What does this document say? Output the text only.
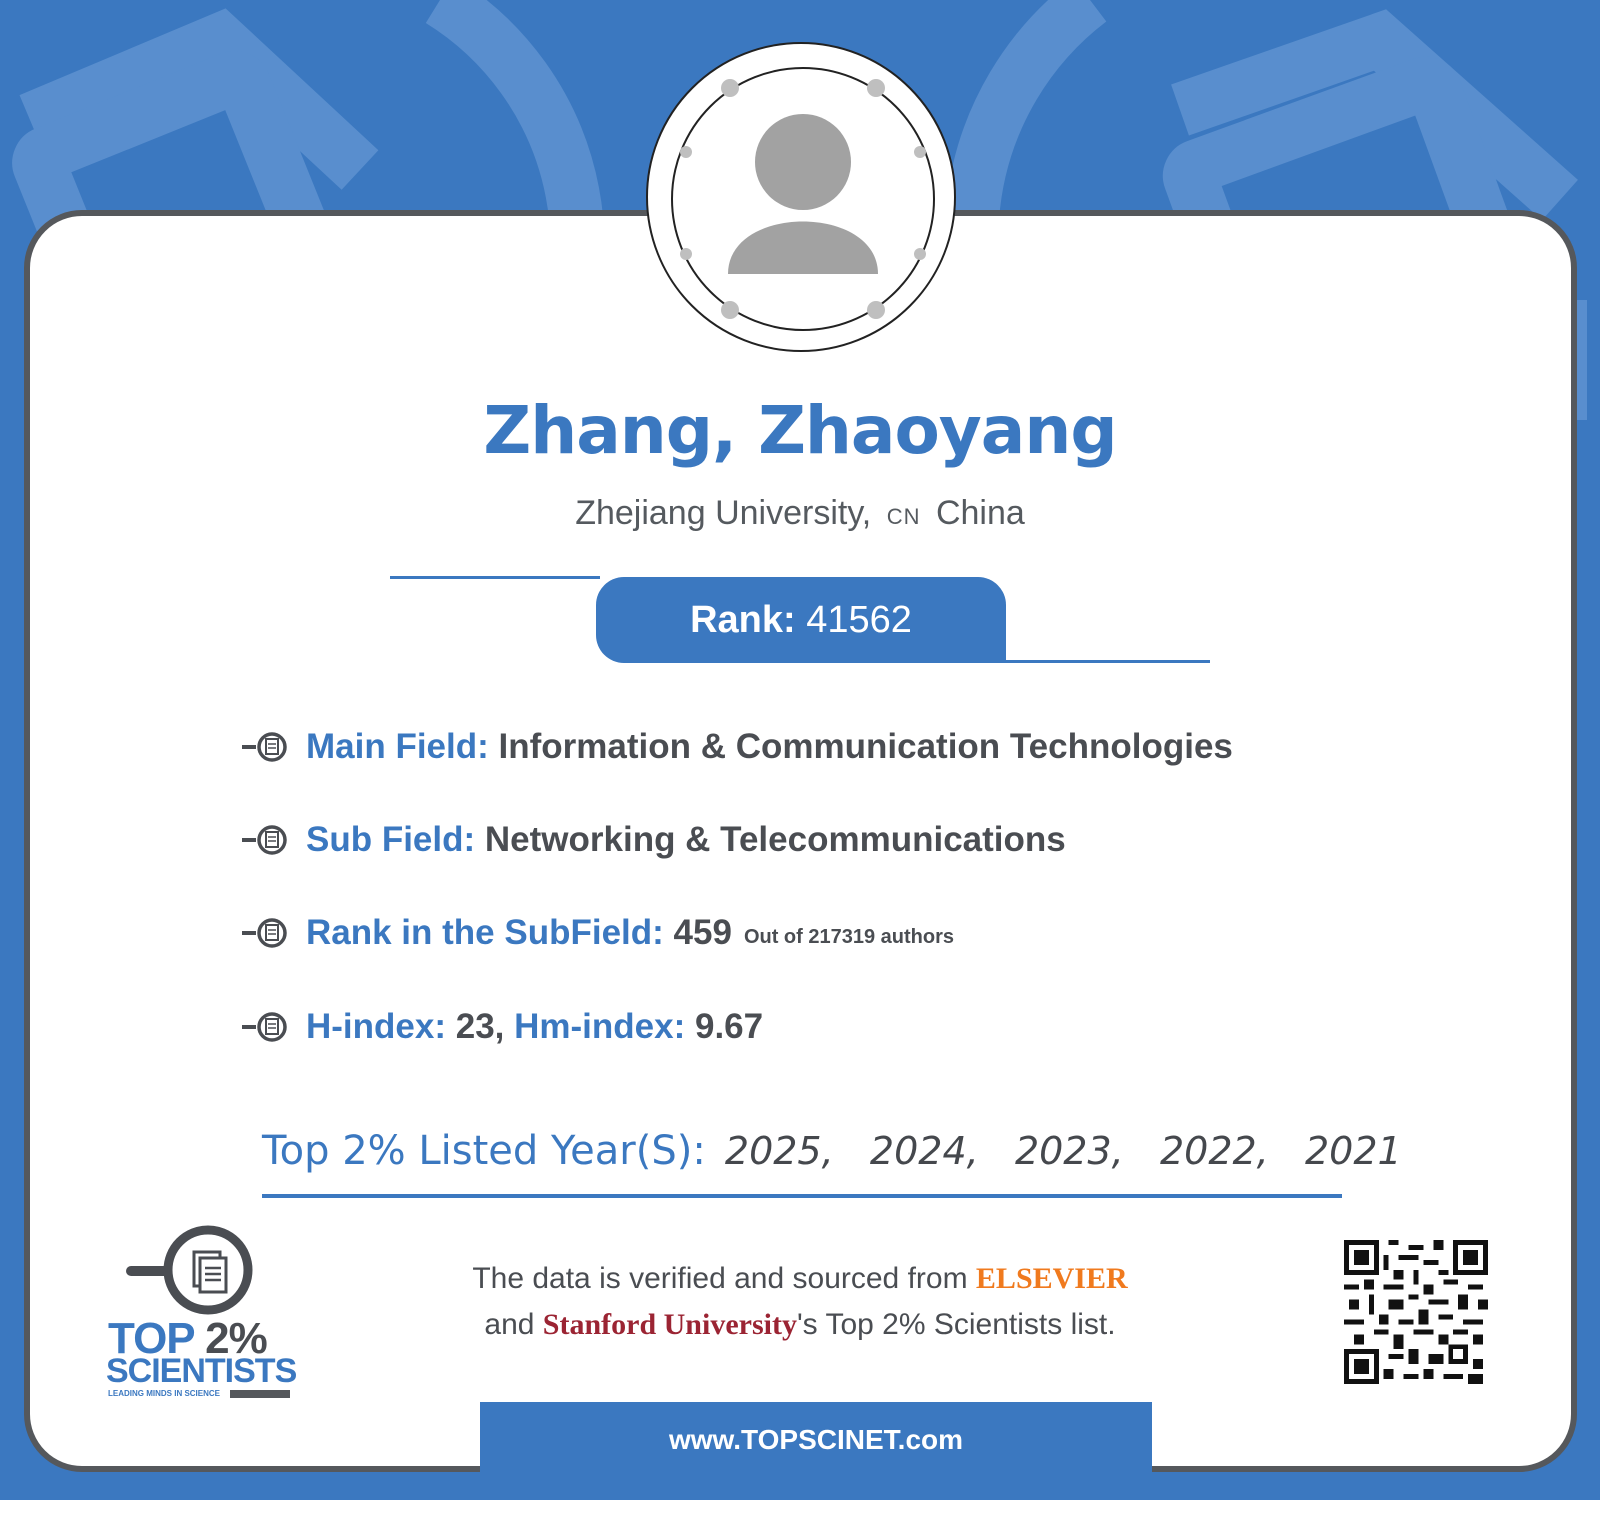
Zhang, Zhaoyang
Zhejiang University, CN China
Rank: 41562
Main Field:
Information & Communication Technologies
Sub Field:
Networking & Telecommunications
Rank in the SubField:
459 Out of 217319 authors
H-index:
23,
Hm-index:
9.67
Top 2% Listed Year(S): 2025,   2024,   2023,   2022,   2021
TOP 2%
SCIENTISTS
LEADING MINDS IN SCIENCE
The data is verified and sourced from ELSEVIER
and Stanford University's Top 2% Scientists list.
www.TOPSCINET.com
